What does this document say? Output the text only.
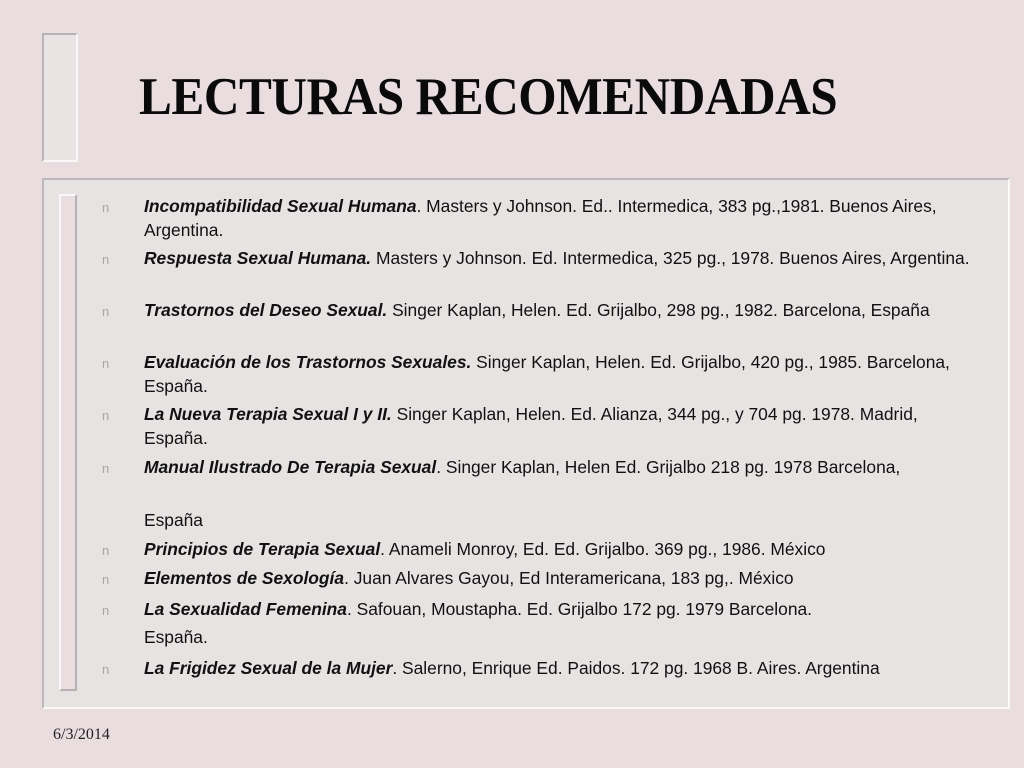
LECTURAS RECOMENDADAS
n Incompatibilidad Sexual Humana. Masters y Johnson. Ed.. Intermedica, 383 pg.,1981. Buenos Aires, Argentina.
n Respuesta Sexual Humana. Masters y Johnson. Ed. Intermedica, 325 pg., 1978. Buenos Aires, Argentina.
n Trastornos del Deseo Sexual. Singer Kaplan, Helen. Ed. Grijalbo, 298 pg., 1982. Barcelona, España
n Evaluación de los Trastornos Sexuales. Singer Kaplan, Helen. Ed. Grijalbo, 420 pg., 1985. Barcelona, España.
n La Nueva Terapia Sexual I y II. Singer Kaplan, Helen. Ed. Alianza, 344 pg., y 704 pg. 1978. Madrid, España.
n Manual Ilustrado De Terapia Sexual. Singer Kaplan, Helen Ed. Grijalbo 218 pg. 1978 Barcelona,
España
n Principios de Terapia Sexual. Anameli Monroy, Ed. Ed. Grijalbo. 369 pg., 1986. México
n Elementos de Sexología. Juan Alvares Gayou, Ed Interamericana, 183 pg,. México
n La Sexualidad Femenina. Safouan, Moustapha. Ed. Grijalbo 172 pg. 1979 Barcelona.
España.
n La Frigidez Sexual de la Mujer. Salerno, Enrique Ed. Paidos. 172 pg. 1968 B. Aires. Argentina
6/3/2014
